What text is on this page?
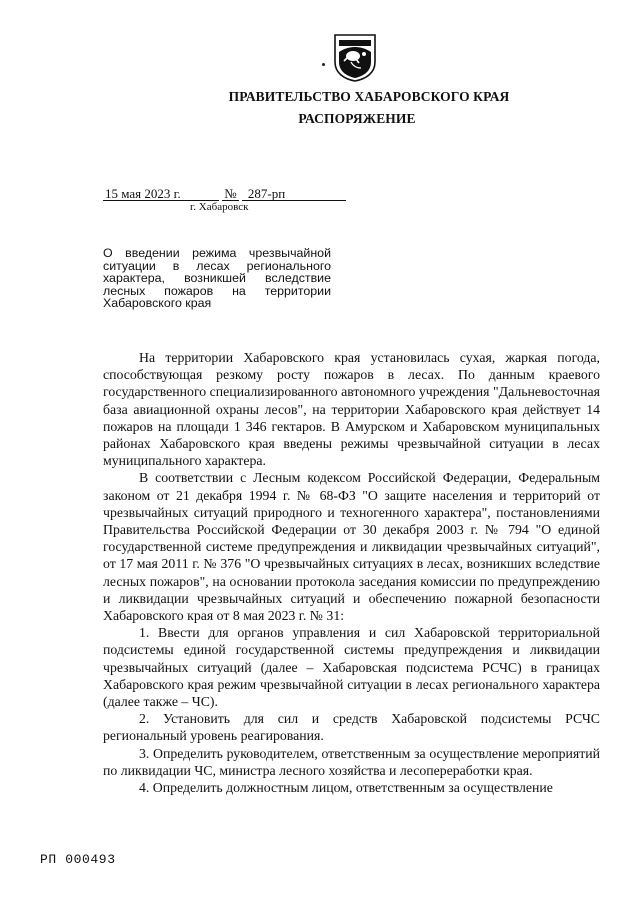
ПРАВИТЕЛЬСТВО ХАБАРОВСКОГО КРАЯ
РАСПОРЯЖЕНИЕ
15 мая 2023 г.	№ 287-рп
г. Хабаровск
О введении режима чрезвычайной ситуации в лесах регионального характера, возникшей вследствие лесных пожаров на территории Хабаровского края

На территории Хабаровского края установилась сухая, жаркая погода, способствующая резкому росту пожаров в лесах. По данным краевого государственного специализированного автономного учреждения "Дальневосточная база авиационной охраны лесов", на территории Хабаровского края действует 14 пожаров на площади 1 346 гектаров. В Амурском и Хабаровском муниципальных районах Хабаровского края введены режимы чрезвычайной ситуации в лесах муниципального характера.

В соответствии с Лесным кодексом Российской Федерации, Федеральным законом от 21 декабря 1994 г. № 68-ФЗ "О защите населения и территорий от чрезвычайных ситуаций природного и техногенного характера", постановлениями Правительства Российской Федерации от 30 декабря 2003 г. № 794 "О единой государственной системе предупреждения и ликвидации чрезвычайных ситуаций", от 17 мая 2011 г. № 376 "О чрезвычайных ситуациях в лесах, возникших вследствие лесных пожаров", на основании протокола заседания комиссии по предупреждению и ликвидации чрезвычайных ситуаций и обеспечению пожарной безопасности Хабаровского края от 8 мая 2023 г. № 31:

1. Ввести для органов управления и сил Хабаровской территориальной подсистемы единой государственной системы предупреждения и ликвидации чрезвычайных ситуаций (далее – Хабаровская подсистема РСЧС) в границах Хабаровского края режим чрезвычайной ситуации в лесах регионального характера (далее также – ЧС).

2. Установить для сил и средств Хабаровской подсистемы РСЧС региональный уровень реагирования.

3. Определить руководителем, ответственным за осуществление мероприятий по ликвидации ЧС, министра лесного хозяйства и лесопереработки края.

4. Определить должностным лицом, ответственным за осуществление

РП 000493
